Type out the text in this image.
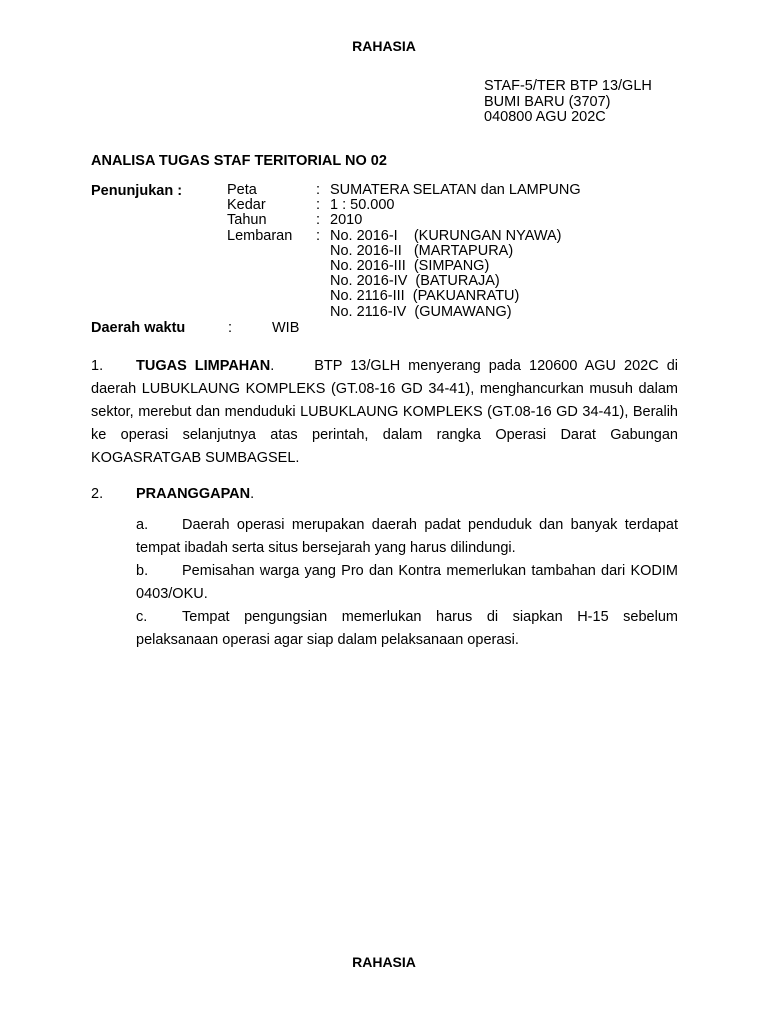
RAHASIA
STAF-5/TER BTP 13/GLH
BUMI BARU (3707)
040800 AGU 202C
ANALISA TUGAS STAF TERITORIAL NO 02
Penunjukan :	Peta	: SUMATERA SELATAN dan LAMPUNG
Kedar	: 1 : 50.000
Tahun	: 2010
Lembaran	: No. 2016-I    (KURUNGAN NYAWA)
No. 2016-II   (MARTAPURA)
No. 2016-III  (SIMPANG)
No. 2016-IV  (BATURAJA)
No. 2116-III  (PAKUANRATU)
No. 2116-IV  (GUMAWANG)
Daerah waktu	:	WIB
1. TUGAS LIMPAHAN.	BTP 13/GLH menyerang pada 120600 AGU 202C di daerah LUBUKLAUNG KOMPLEKS (GT.08-16 GD 34-41), menghancurkan musuh dalam sektor, merebut dan menduduki LUBUKLAUNG KOMPLEKS (GT.08-16 GD 34-41), Beralih ke operasi selanjutnya atas perintah, dalam rangka Operasi Darat Gabungan KOGASRATGAB SUMBAGSEL.
2. PRAANGGAPAN.
a. Daerah operasi merupakan daerah padat penduduk dan banyak terdapat tempat ibadah serta situs bersejarah yang harus dilindungi.
b. Pemisahan warga yang Pro dan Kontra memerlukan tambahan dari KODIM 0403/OKU.
c. Tempat pengungsian memerlukan harus di siapkan H-15 sebelum pelaksanaan operasi agar siap dalam pelaksanaan operasi.
RAHASIA
